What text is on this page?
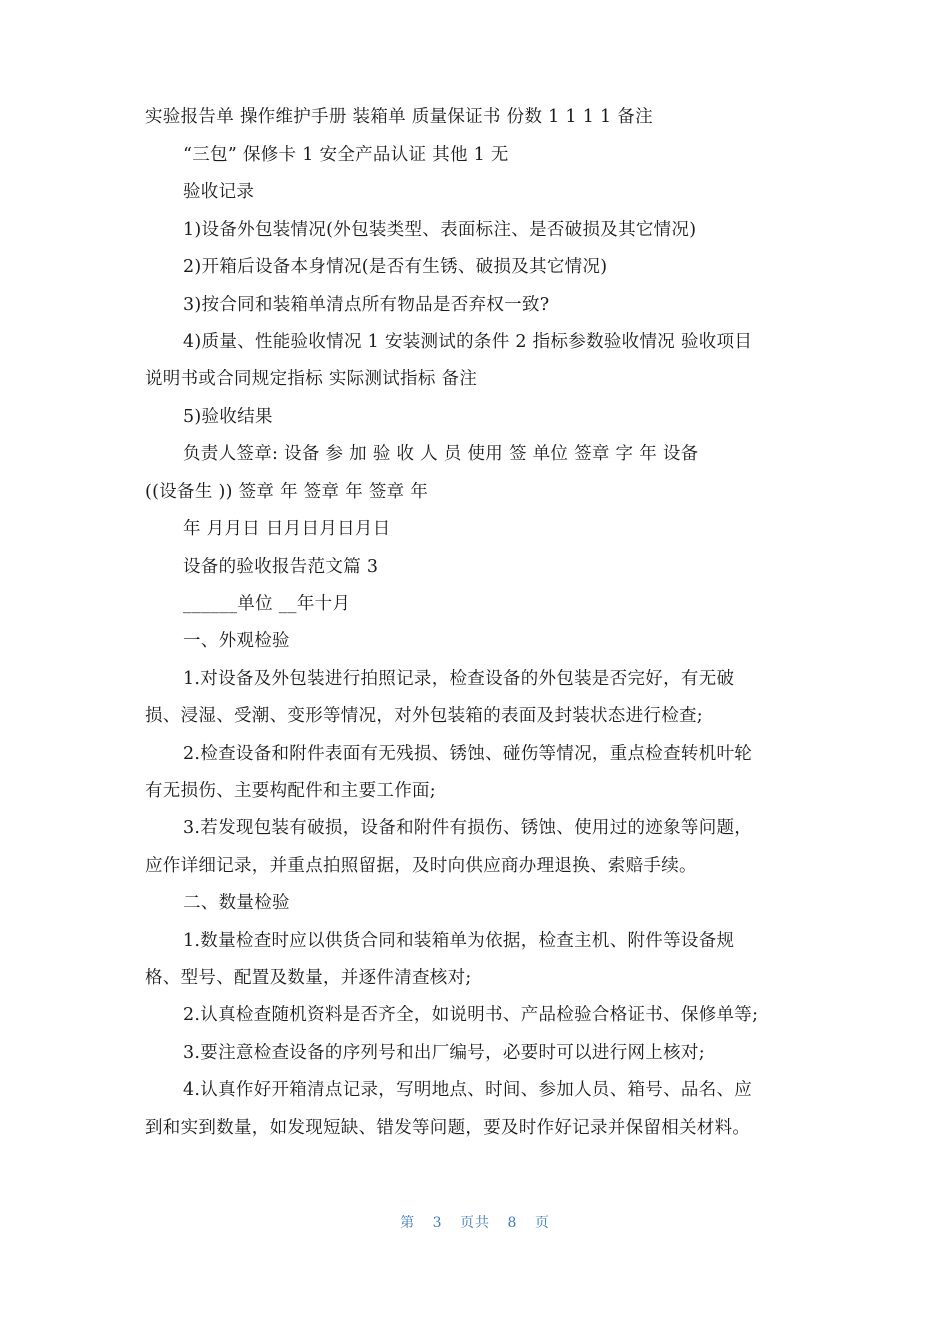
实验报告单 操作维护手册 装箱单 质量保证书 份数 1 1 1 1 备注
“三包” 保修卡 1 安全产品认证 其他 1 无
验收记录
1)设备外包装情况(外包装类型、表面标注、是否破损及其它情况)
2)开箱后设备本身情况(是否有生锈、破损及其它情况)
3)按合同和装箱单清点所有物品是否弃权一致?
4)质量、性能验收情况 1 安装测试的条件 2 指标参数验收情况 验收项目
说明书或合同规定指标 实际测试指标 备注
5)验收结果
负责人签章: 设备 参 加 验 收 人 员 使用 签 单位 签章 字 年 设备
((设备生 )) 签章 年 签章 年 签章 年
年 月月日 日月日月日月日
设备的验收报告范文篇 3
______单位 __年十月
一、外观检验
1.对设备及外包装进行拍照记录，检查设备的外包装是否完好，有无破
损、浸湿、受潮、变形等情况，对外包装箱的表面及封装状态进行检查;
2.检查设备和附件表面有无残损、锈蚀、碰伤等情况，重点检查转机叶轮
有无损伤、主要构配件和主要工作面;
3.若发现包装有破损，设备和附件有损伤、锈蚀、使用过的迹象等问题，
应作详细记录，并重点拍照留据，及时向供应商办理退换、索赔手续。
二、数量检验
1.数量检查时应以供货合同和装箱单为依据，检查主机、附件等设备规
格、型号、配置及数量，并逐件清查核对;
2.认真检查随机资料是否齐全，如说明书、产品检验合格证书、保修单等;
3.要注意检查设备的序列号和出厂编号，必要时可以进行网上核对;
4.认真作好开箱清点记录，写明地点、时间、参加人员、箱号、品名、应
到和实到数量，如发现短缺、错发等问题，要及时作好记录并保留相关材料。
第 3 页共 8 页
